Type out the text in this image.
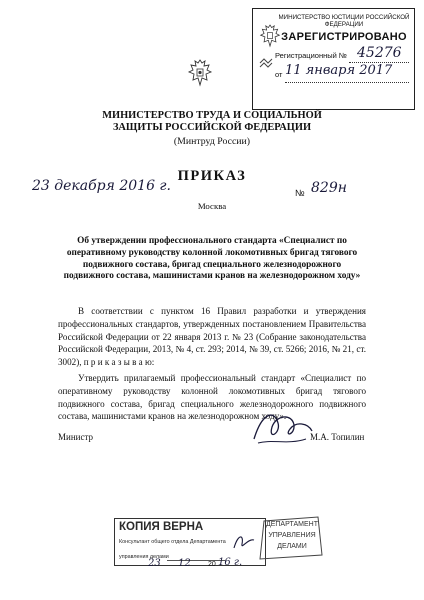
МИНИСТЕРСТВО ЮСТИЦИИ РОССИЙСКОЙ ФЕДЕРАЦИИ
ЗАРЕГИСТРИРОВАНО
Регистрационный № 45276
от 11 января 2017
МИНИСТЕРСТВО ТРУДА И СОЦИАЛЬНОЙ ЗАЩИТЫ РОССИЙСКОЙ ФЕДЕРАЦИИ
(Минтруд России)
ПРИКАЗ
23 декабря 2016 г.	№ 829н
Москва
Об утверждении профессионального стандарта «Специалист по оперативному руководству колонной локомотивных бригад тягового подвижного состава, бригад специального железнодорожного подвижного состава, машинистами кранов на железнодорожном ходу»
В соответствии с пунктом 16 Правил разработки и утверждения профессиональных стандартов, утвержденных постановлением Правительства Российской Федерации от 22 января 2013 г. № 23 (Собрание законодательства Российской Федерации, 2013, № 4, ст. 293; 2014, № 39, ст. 5266; 2016, № 21, ст. 3002), п р и к а з ы в а ю:
Утвердить прилагаемый профессиональный стандарт «Специалист по оперативному руководству колонной локомотивных бригад тягового подвижного состава, бригад специального железнодорожного подвижного состава, машинистами кранов на железнодорожном ходу».
Министр	М.А. Топилин
КОПИЯ ВЕРНА
Консультант общего отдела Департамента
управления делами
23 12 20 16 г.
ДЕПАРТАМЕНТ
УПРАВЛЕНИЯ
ДЕЛАМИ
